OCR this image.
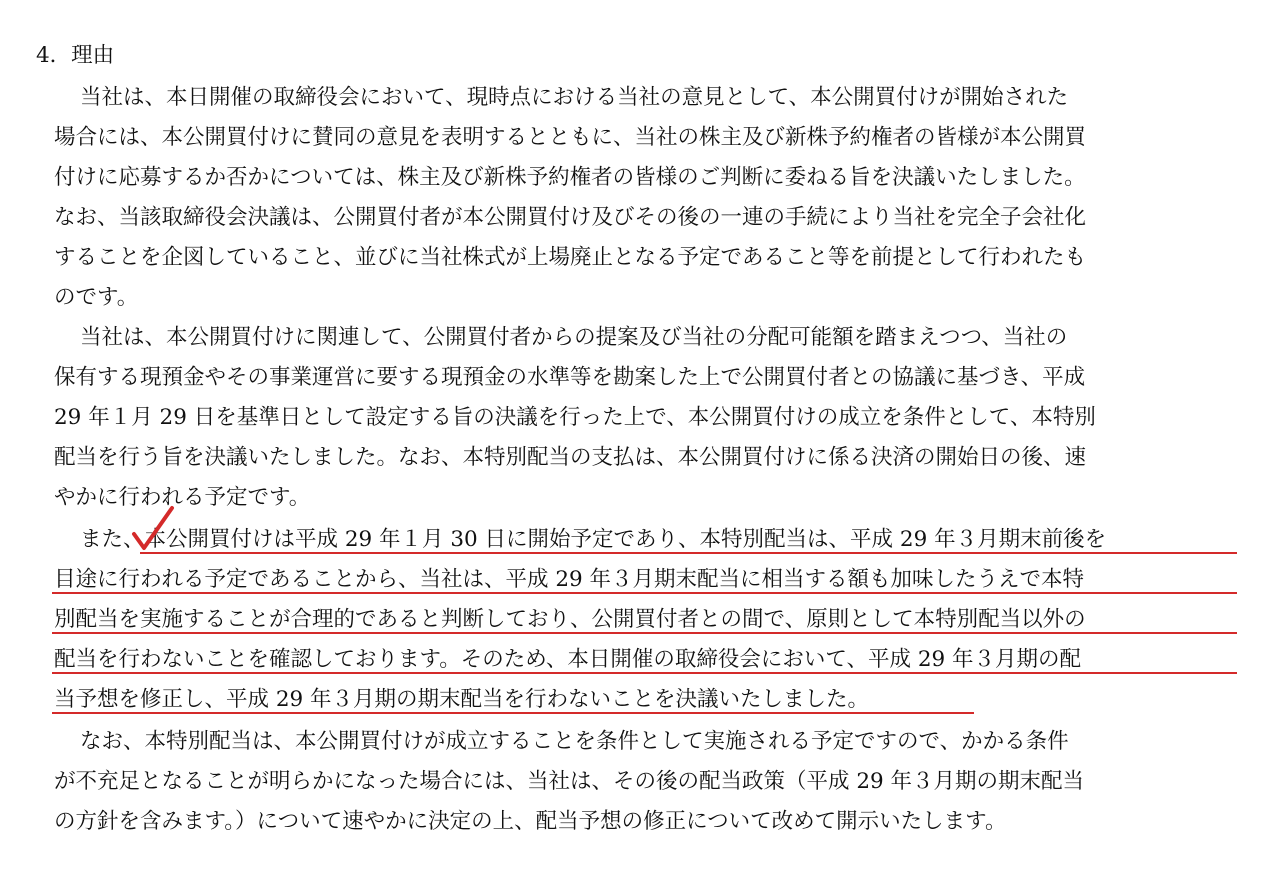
4．理由
当社は、本日開催の取締役会において、現時点における当社の意見として、本公開買付けが開始された
場合には、本公開買付けに賛同の意見を表明するとともに、当社の株主及び新株予約権者の皆様が本公開買
付けに応募するか否かについては、株主及び新株予約権者の皆様のご判断に委ねる旨を決議いたしました。
なお、当該取締役会決議は、公開買付者が本公開買付け及びその後の一連の手続により当社を完全子会社化
することを企図していること、並びに当社株式が上場廃止となる予定であること等を前提として行われたも
のです。
当社は、本公開買付けに関連して、公開買付者からの提案及び当社の分配可能額を踏まえつつ、当社の
保有する現預金やその事業運営に要する現預金の水準等を勘案した上で公開買付者との協議に基づき、平成
29 年１月 29 日を基準日として設定する旨の決議を行った上で、本公開買付けの成立を条件として、本特別
配当を行う旨を決議いたしました。なお、本特別配当の支払は、本公開買付けに係る決済の開始日の後、速
やかに行われる予定です。
また、本公開買付けは平成 29 年１月 30 日に開始予定であり、本特別配当は、平成 29 年３月期末前後を
目途に行われる予定であることから、当社は、平成 29 年３月期末配当に相当する額も加味したうえで本特
別配当を実施することが合理的であると判断しており、公開買付者との間で、原則として本特別配当以外の
配当を行わないことを確認しております。そのため、本日開催の取締役会において、平成 29 年３月期の配
当予想を修正し、平成 29 年３月期の期末配当を行わないことを決議いたしました。
なお、本特別配当は、本公開買付けが成立することを条件として実施される予定ですので、かかる条件
が不充足となることが明らかになった場合には、当社は、その後の配当政策（平成 29 年３月期の期末配当
の方針を含みます。）について速やかに決定の上、配当予想の修正について改めて開示いたします。
